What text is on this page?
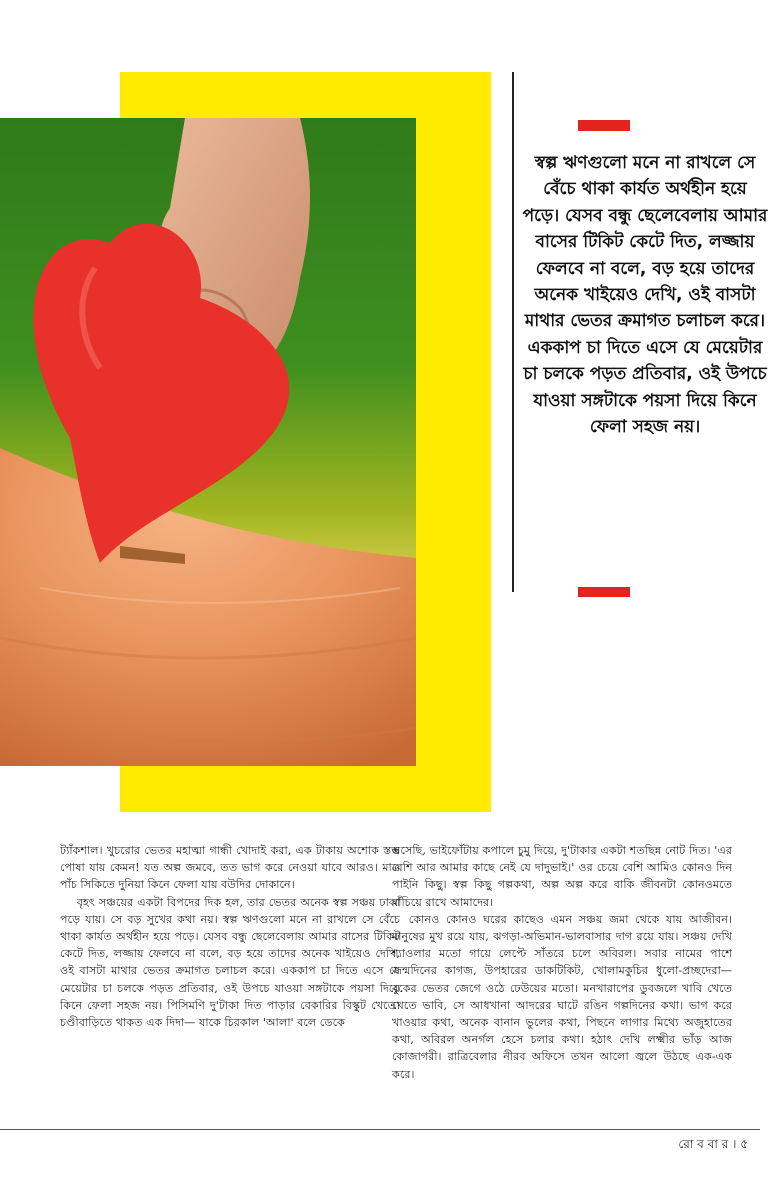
স্বল্প ঋণগুলো মনে না রাখলে সে বেঁচে থাকা কার্যত অর্থহীন হয়ে পড়ে। যেসব বন্ধু ছেলেবেলায় আমার বাসের টিকিট কেটে দিত, লজ্জায় ফেলবে না বলে, বড় হয়ে তাদের অনেক খাইয়েও দেখি, ওই বাসটা মাথার ভেতর ক্রমাগত চলাচল করে। এককাপ চা দিতে এসে যে মেয়েটার চা চলকে পড়ত প্রতিবার, ওই উপচে যাওয়া সঙ্গটাকে পয়সা দিয়ে কিনে ফেলা সহজ নয়।

ট্যাঁকশাল। খুচরোর ভেতর মহাত্মা গান্ধী খোদাই করা, এক টাকায় অশোক স্তম্ভ পোষা যায় কেমন! যত অল্প জমবে, তত ভাগ করে নেওয়া যাবে আরও। মাত্র পাঁচ সিকিতে দুনিয়া কিনে ফেলা যায় বউদির দোকানে।

বৃহৎ সঞ্চয়ের একটা বিপদের দিক হল, তার ভেতর অনেক স্বল্প সঞ্চয় ঢাকা পড়ে যায়। সে বড় সুখের কথা নয়। স্বল্প ঋণগুলো মনে না রাখলে সে বেঁচে থাকা কার্যত অর্থহীন হয়ে পড়ে। যেসব বন্ধু ছেলেবেলায় আমার বাসের টিকিট কেটে দিত, লজ্জায় ফেলবে না বলে, বড় হয়ে তাদের অনেক খাইয়েও দেখি, ওই বাসটা মাথার ভেতর ক্রমাগত চলাচল করে। এককাপ চা দিতে এসে যে মেয়েটার চা চলকে পড়ত প্রতিবার, ওই উপচে যাওয়া সঙ্গটাকে পয়সা দিয়ে কিনে ফেলা সহজ নয়। পিসিমণি দু'টাকা দিত পাড়ার বেকারির বিস্কুট খেতে। চণ্ডীবাড়িতে থাকত এক দিদা— যাকে চিরকাল 'আলা' বলে ডেকে

এসেছি, ভাইফোঁটায় কপালে চুমু দিয়ে, দু'টাকার একটা শতছিন্ন নোট দিত। 'এর বেশি আর আমার কাছে নেই যে দাদুভাই।' ওর চেয়ে বেশি আমিও কোনও দিন পাইনি কিছু। স্বল্প কিছু গল্পকথা, অল্প অল্প করে বাকি জীবনটা কোনওমতে বাঁচিয়ে রাখে আমাদের।

কোনও কোনও ঘরের কাছেও এমন সঞ্চয় জমা থেকে যায় আজীবন। মানুষের মুখ রয়ে যায়, ঝগড়া-অভিমান-ভালবাসার দাগ রয়ে যায়। সঞ্চয় দেখি শ্যাওলার মতো গায়ে লেপ্টে সাঁতরে চলে অবিরল। সবার নামের পাশে জন্মদিনের কাগজ, উপহারের ডাকটিকিট, খোলামকুচির ধুলো-প্রচ্ছদেরা— বুকের ভেতর জেগে ওঠে ঢেউয়ের মতো। মনখারাপের ডুবজলে খাবি খেতে খেতে ভাবি, সে আধখানা আদরের ঘাটে রঙিন গল্পদিনের কথা। ভাগ করে খাওয়ার কথা, অনেক বানান ভুলের কথা, পিছনে লাগার মিথ্যে অজুহাতের কথা, অবিরল অনর্গল হেসে চলার কথা। হঠাৎ দেখি লক্ষ্মীর ভাঁড় আজ কোজাগরী। রাত্রিবেলার নীরব অফিসে তখন আলো জ্বলে উঠছে এক-এক করে।

রো ব বা র । ৫
